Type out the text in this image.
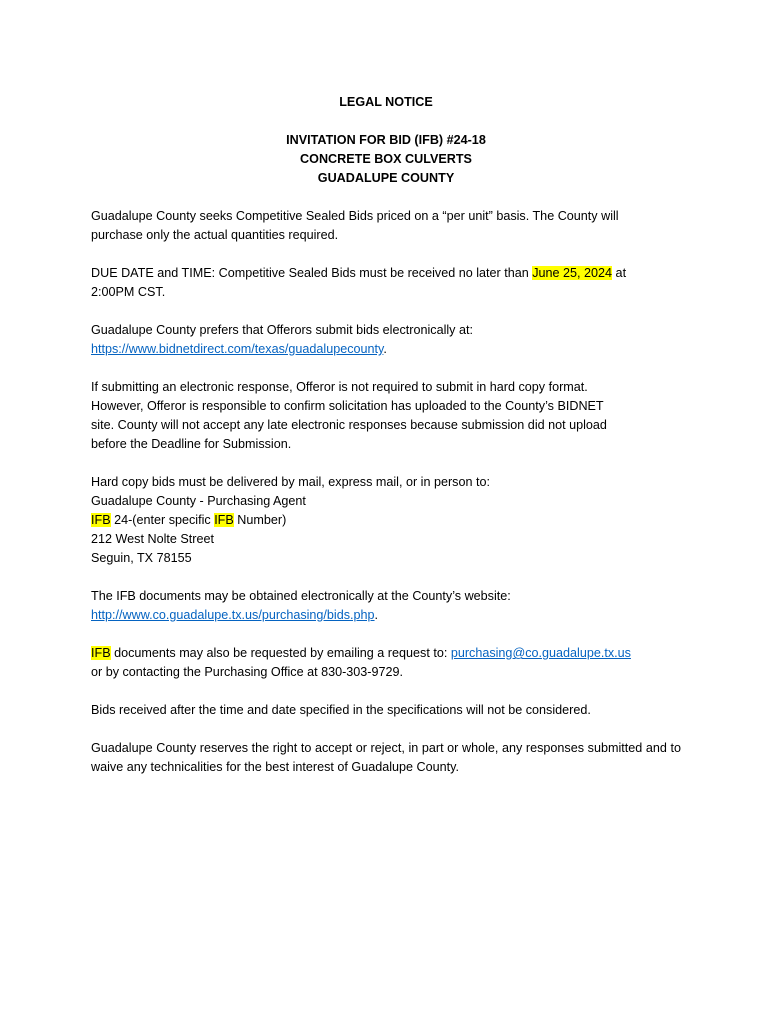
LEGAL NOTICE
INVITATION FOR BID (IFB) #24-18
CONCRETE BOX CULVERTS
GUADALUPE COUNTY
Guadalupe County seeks Competitive Sealed Bids priced on a “per unit” basis. The County will
purchase only the actual quantities required.
DUE DATE and TIME: Competitive Sealed Bids must be received no later than June 25, 2024 at
2:00PM CST.
Guadalupe County prefers that Offerors submit bids electronically at:
https://www.bidnetdirect.com/texas/guadalupecounty.
If submitting an electronic response, Offeror is not required to submit in hard copy format.
However, Offeror is responsible to confirm solicitation has uploaded to the County’s BIDNET
site. County will not accept any late electronic responses because submission did not upload
before the Deadline for Submission.
Hard copy bids must be delivered by mail, express mail, or in person to:
Guadalupe County - Purchasing Agent
IFB 24-(enter specific IFB Number)
212 West Nolte Street
Seguin, TX 78155
The IFB documents may be obtained electronically at the County’s website:
http://www.co.guadalupe.tx.us/purchasing/bids.php.
IFB documents may also be requested by emailing a request to: purchasing@co.guadalupe.tx.us
or by contacting the Purchasing Office at 830-303-9729.
Bids received after the time and date specified in the specifications will not be considered.
Guadalupe County reserves the right to accept or reject, in part or whole, any responses submitted and to waive any technicalities for the best interest of Guadalupe County.
